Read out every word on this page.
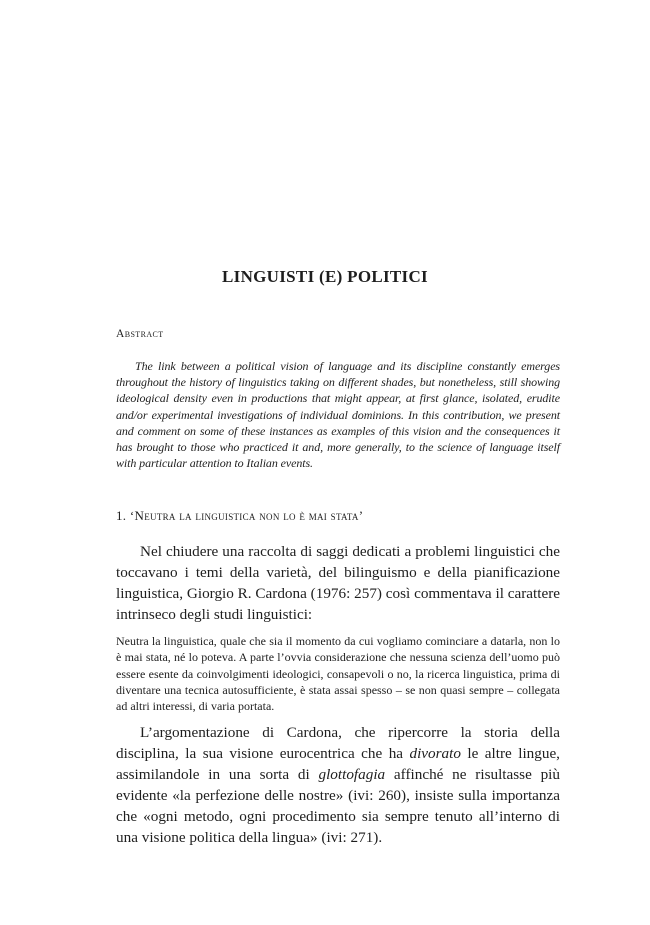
LINGUISTI (E) POLITICI
Abstract

The link between a political vision of language and its discipline constantly emerges throughout the history of linguistics taking on different shades, but nonetheless, still showing ideological density even in productions that might appear, at first glance, isolated, erudite and/or experimental investigations of individual dominions. In this contribution, we present and comment on some of these instances as examples of this vision and the consequences it has brought to those who practiced it and, more generally, to the science of language itself with particular attention to Italian events.

1. ‘Neutra la linguistica non lo è mai stata’

Nel chiudere una raccolta di saggi dedicati a problemi linguistici che toccavano i temi della varietà, del bilinguismo e della pianificazione linguistica, Giorgio R. Cardona (1976: 257) così commentava il carattere intrinseco degli studi linguistici:

Neutra la linguistica, quale che sia il momento da cui vogliamo cominciare a datarla, non lo è mai stata, né lo poteva. A parte l’ovvia considerazione che nessuna scienza dell’uomo può essere esente da coinvolgimenti ideologici, consapevoli o no, la ricerca linguistica, prima di diventare una tecnica autosufficiente, è stata assai spesso – se non quasi sempre – collegata ad altri interessi, di varia portata.

L’argomentazione di Cardona, che ripercorre la storia della disciplina, la sua visione eurocentrica che ha divorato le altre lingue, assimilandole in una sorta di glottofagia affinché ne risultasse più evidente «la perfezione delle nostre» (ivi: 260), insiste sulla importanza che «ogni metodo, ogni procedimento sia sempre tenuto all’interno di una visione politica della lingua» (ivi: 271).
